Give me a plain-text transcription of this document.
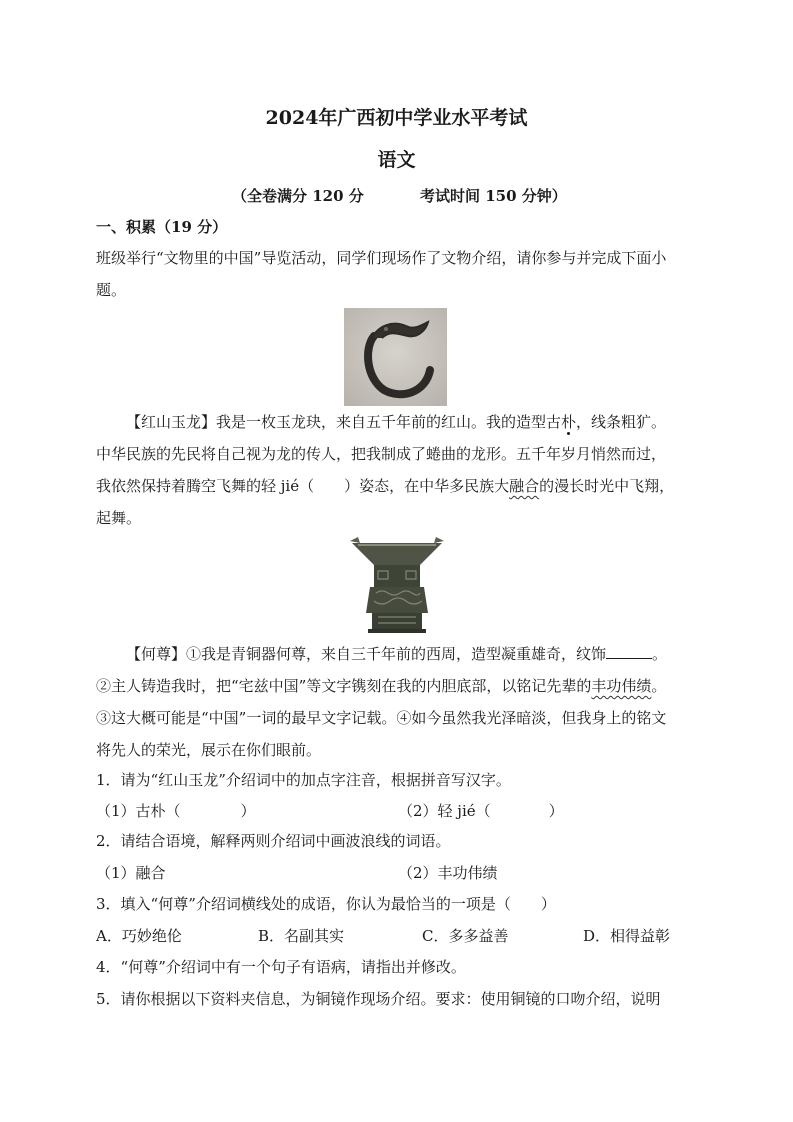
2024年广西初中学业水平考试
语文
（全卷满分 120 分	考试时间 150 分钟）
一、积累（19 分）
班级举行“文物里的中国”导览活动，同学们现场作了文物介绍，请你参与并完成下面小
题。
【红山玉龙】我是一枚玉龙玦，来自五千年前的红山。我的造型古朴，线条粗犷。
中华民族的先民将自己视为龙的传人，把我制成了蜷曲的龙形。五千年岁月悄然而过，
我依然保持着腾空飞舞的轻 jié（ ）姿态，在中华多民族大融合的漫长时光中飞翔，
起舞。
【何尊】①我是青铜器何尊，来自三千年前的西周，造型凝重雄奇，纹饰	。
②主人铸造我时，把“宅兹中国”等文字镌刻在我的内胆底部，以铭记先辈的丰功伟绩。
③这大概可能是“中国”一词的最早文字记载。④如今虽然我光泽暗淡，但我身上的铭文
将先人的荣光，展示在你们眼前。
1．请为“红山玉龙”介绍词中的加点字注音，根据拼音写汉字。
（1）古朴（	）	（2）轻 jié（	）
2．请结合语境，解释两则介绍词中画波浪线的词语。
（1）融合	（2）丰功伟绩
3．填入“何尊”介绍词横线处的成语，你认为最恰当的一项是（　　）
A．巧妙绝伦	B．名副其实	C．多多益善	D．相得益彰
4．“何尊”介绍词中有一个句子有语病，请指出并修改。
5．请你根据以下资料夹信息，为铜镜作现场介绍。要求：使用铜镜的口吻介绍，说明
